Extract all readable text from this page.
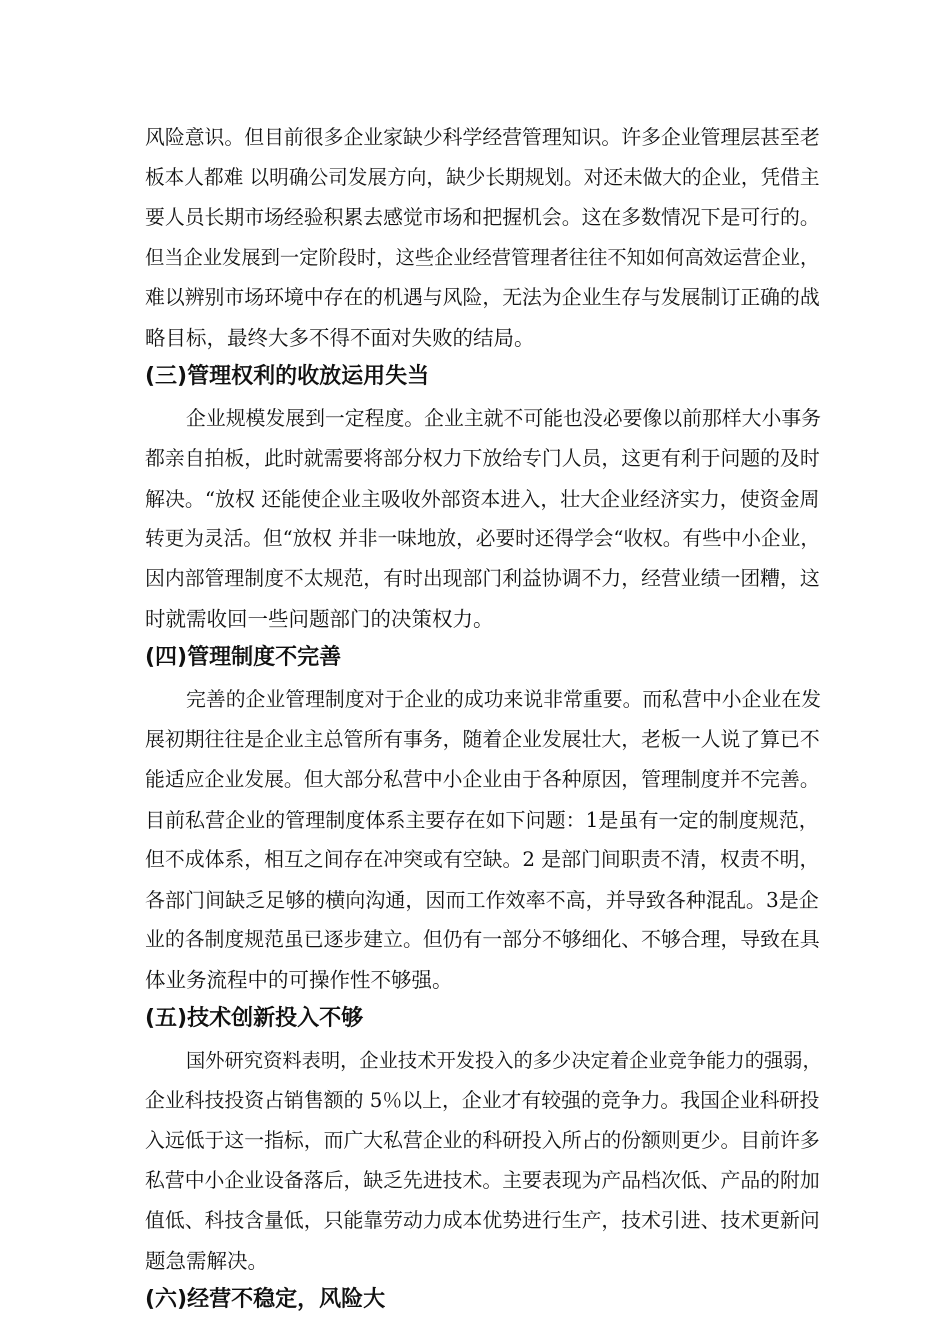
风险意识。但目前很多企业家缺少科学经营管理知识。许多企业管理层甚至老
板本人都难 以明确公司发展方向，缺少长期规划。对还未做大的企业，凭借主
要人员长期市场经验积累去感觉市场和把握机会。这在多数情况下是可行的。
但当企业发展到一定阶段时，这些企业经营管理者往往不知如何高效运营企业，
难以辨别市场环境中存在的机遇与风险，无法为企业生存与发展制订正确的战
略目标，最终大多不得不面对失败的结局。
(三)管理权利的收放运用失当
企业规模发展到一定程度。企业主就不可能也没必要像以前那样大小事务
都亲自拍板，此时就需要将部分权力下放给专门人员，这更有利于问题的及时
解决。“放权 还能使企业主吸收外部资本进入，壮大企业经济实力，使资金周
转更为灵活。但“放权 并非一味地放，必要时还得学会“收权。有些中小企业，
因内部管理制度不太规范，有时出现部门利益协调不力，经营业绩一团糟，这
时就需收回一些问题部门的决策权力。
(四)管理制度不完善
完善的企业管理制度对于企业的成功来说非常重要。而私营中小企业在发
展初期往往是企业主总管所有事务，随着企业发展壮大，老板一人说了算已不
能适应企业发展。但大部分私营中小企业由于各种原因，管理制度并不完善。
目前私营企业的管理制度体系主要存在如下问题：1是虽有一定的制度规范，
但不成体系，相互之间存在冲突或有空缺。2 是部门间职责不清，权责不明，
各部门间缺乏足够的横向沟通，因而工作效率不高，并导致各种混乱。3是企
业的各制度规范虽已逐步建立。但仍有一部分不够细化、不够合理，导致在具
体业务流程中的可操作性不够强。
(五)技术创新投入不够
国外研究资料表明，企业技术开发投入的多少决定着企业竞争能力的强弱，
企业科技投资占销售额的 5％以上，企业才有较强的竞争力。我国企业科研投
入远低于这一指标，而广大私营企业的科研投入所占的份额则更少。目前许多
私营中小企业设备落后，缺乏先进技术。主要表现为产品档次低、产品的附加
值低、科技含量低，只能靠劳动力成本优势进行生产，技术引进、技术更新问
题急需解决。
(六)经营不稳定，风险大
